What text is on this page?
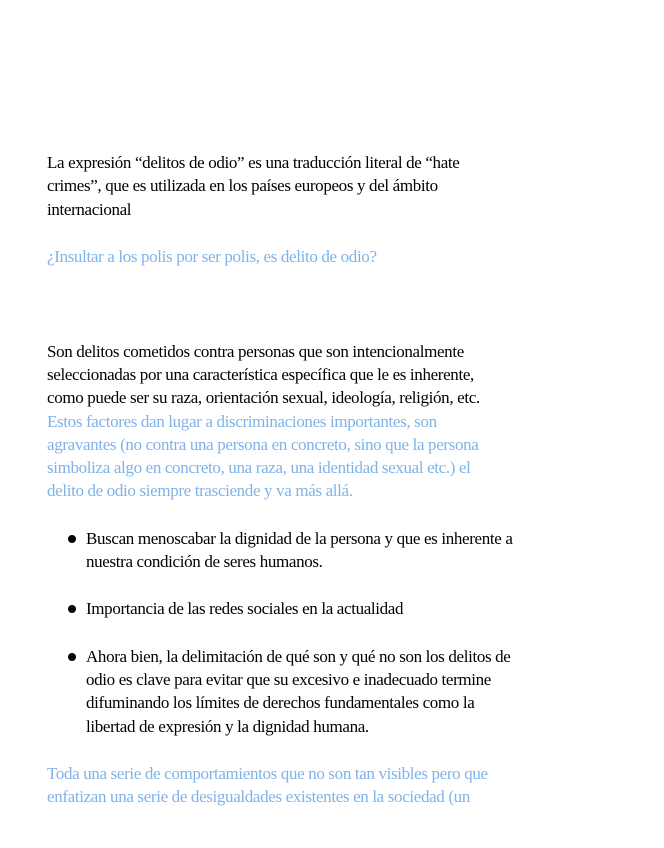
La expresión “delitos de odio” es una traducción literal de “hate
crimes”, que es utilizada en los países europeos y del ámbito
internacional
¿Insultar a los polis por ser polis, es delito de odio?
Son delitos cometidos contra personas que son intencionalmente
seleccionadas por una característica específica que le es inherente,
como puede ser su raza, orientación sexual, ideología, religión, etc.
Estos factores dan lugar a discriminaciones importantes, son
agravantes (no contra una persona en concreto, sino que la persona
simboliza algo en concreto, una raza, una identidad sexual etc.) el
delito de odio siempre trasciende y va más allá.
Buscan menoscabar la dignidad de la persona y que es inherente a
nuestra condición de seres humanos.
Importancia de las redes sociales en la actualidad
Ahora bien, la delimitación de qué son y qué no son los delitos de
odio es clave para evitar que su excesivo e inadecuado termine
difuminando los límites de derechos fundamentales como la
libertad de expresión y la dignidad humana.
Toda una serie de comportamientos que no son tan visibles pero que
enfatizan una serie de desigualdades existentes en la sociedad (un
